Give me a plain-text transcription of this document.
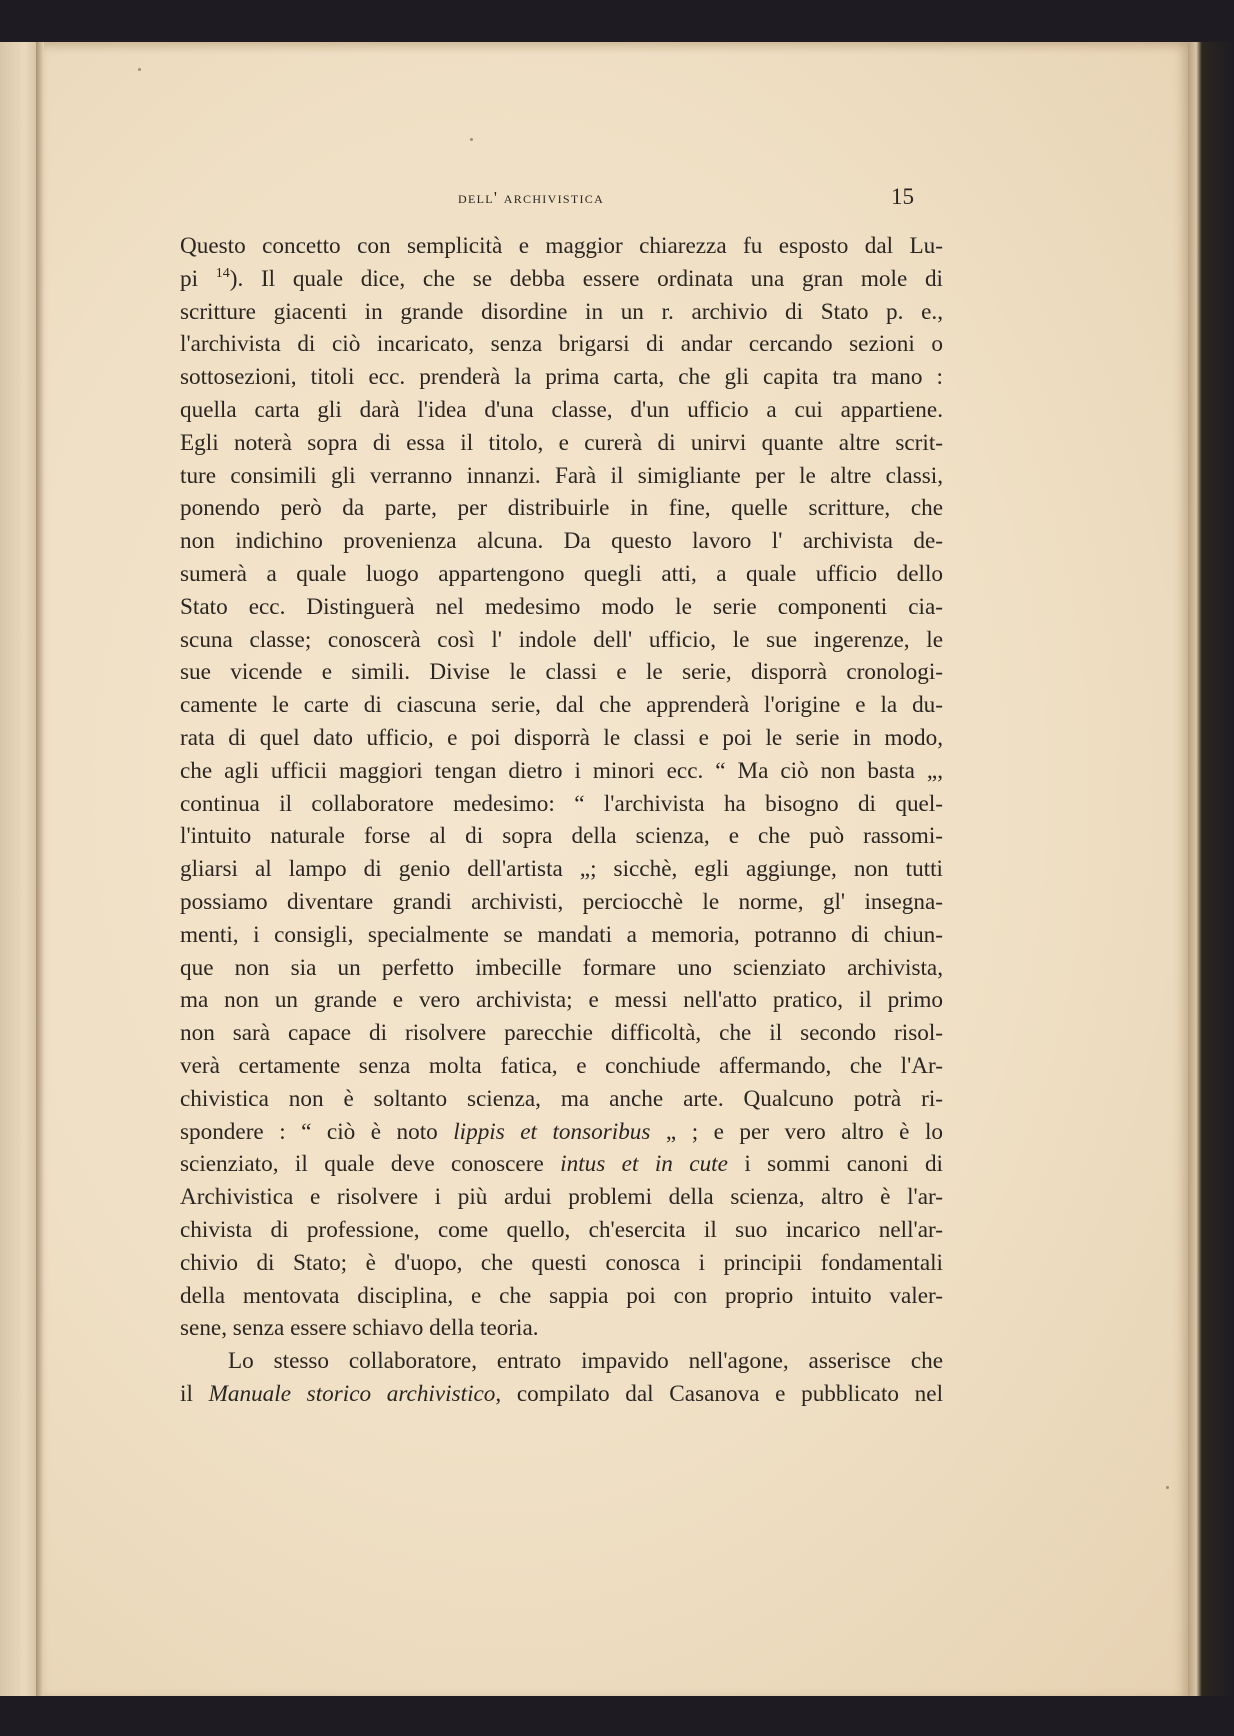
dell' archivistica	15
Questo concetto con semplicità e maggior chiarezza fu esposto dal Lu-
pi $^{14}$). Il quale dice, che se debba essere ordinata una gran mole di
scritture giacenti in grande disordine in un r. archivio di Stato p. e.,
l'archivista di ciò incaricato, senza brigarsi di andar cercando sezioni o
sottosezioni, titoli ecc. prenderà la prima carta, che gli capita tra mano :
quella carta gli darà l'idea d'una classe, d'un ufficio a cui appartiene.
Egli noterà sopra di essa il titolo, e curerà di unirvi quante altre scrit-
ture consimili gli verranno innanzi. Farà il simigliante per le altre classi,
ponendo però da parte, per distribuirle in fine, quelle scritture, che
non indichino provenienza alcuna. Da questo lavoro l' archivista de-
sumerà a quale luogo appartengono quegli atti, a quale ufficio dello
Stato ecc. Distinguerà nel medesimo modo le serie componenti cia-
scuna classe; conoscerà così l' indole dell' ufficio, le sue ingerenze, le
sue vicende e simili. Divise le classi e le serie, disporrà cronologi-
camente le carte di ciascuna serie, dal che apprenderà l'origine e la du-
rata di quel dato ufficio, e poi disporrà le classi e poi le serie in modo,
che agli ufficii maggiori tengan dietro i minori ecc. “ Ma ciò non basta „,
continua il collaboratore medesimo: “ l'archivista ha bisogno di quel-
l'intuito naturale forse al di sopra della scienza, e che può rassomi-
gliarsi al lampo di genio dell'artista „; sicchè, egli aggiunge, non tutti
possiamo diventare grandi archivisti, perciocchè le norme, gl' insegna-
menti, i consigli, specialmente se mandati a memoria, potranno di chiun-
que non sia un perfetto imbecille formare uno scienziato archivista,
ma non un grande e vero archivista; e messi nell'atto pratico, il primo
non sarà capace di risolvere parecchie difficoltà, che il secondo risol-
verà certamente senza molta fatica, e conchiude affermando, che l'Ar-
chivistica non è soltanto scienza, ma anche arte. Qualcuno potrà ri-
spondere : “ ciò è noto lippis et tonsoribus „ ; e per vero altro è lo
scienziato, il quale deve conoscere intus et in cute i sommi canoni di
Archivistica e risolvere i più ardui problemi della scienza, altro è l'ar-
chivista di professione, come quello, ch'esercita il suo incarico nell'ar-
chivio di Stato; è d'uopo, che questi conosca i principii fondamentali
della mentovata disciplina, e che sappia poi con proprio intuito valer-
sene, senza essere schiavo della teoria.
Lo stesso collaboratore, entrato impavido nell'agone, asserisce che
il Manuale storico archivistico, compilato dal Casanova e pubblicato nel
